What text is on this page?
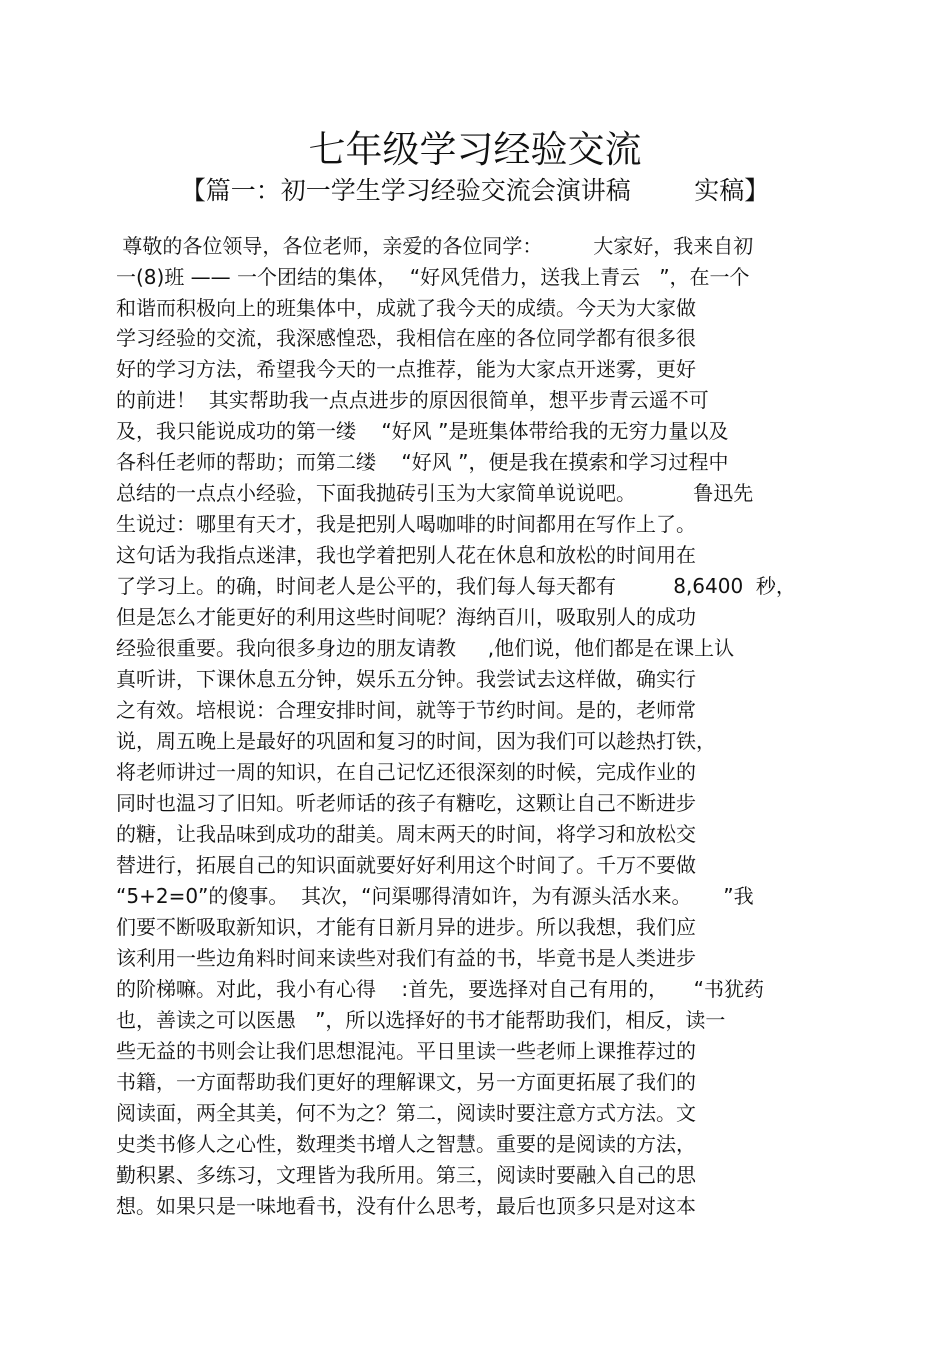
七年级学习经验交流
【篇一：初一学生学习经验交流会演讲稿        实稿】
尊敬的各位领导，各位老师，亲爱的各位同学：        大家好，我来自初
一(8)班 —— 一个团结的集体，  “好风凭借力，送我上青云   ”，在一个
和谐而积极向上的班集体中，成就了我今天的成绩。今天为大家做
学习经验的交流，我深感惶恐，我相信在座的各位同学都有很多很
好的学习方法，希望我今天的一点推荐，能为大家点开迷雾，更好
的前进！  其实帮助我一点点进步的原因很简单，想平步青云遥不可
及，我只能说成功的第一缕    “好风 ”是班集体带给我的无穷力量以及
各科任老师的帮助；而第二缕    “好风 ”，便是我在摸索和学习过程中
总结的一点点小经验，下面我抛砖引玉为大家简单说说吧。         鲁迅先
生说过：哪里有天才，我是把别人喝咖啡的时间都用在写作上了。
这句话为我指点迷津，我也学着把别人花在休息和放松的时间用在
了学习上。的确，时间老人是公平的，我们每人每天都有         8,6400  秒，
但是怎么才能更好的利用这些时间呢？海纳百川，吸取别人的成功
经验很重要。我向很多身边的朋友请教     ,他们说，他们都是在课上认
真听讲，下课休息五分钟，娱乐五分钟。我尝试去这样做，确实行
之有效。培根说：合理安排时间，就等于节约时间。是的，老师常
说，周五晚上是最好的巩固和复习的时间，因为我们可以趁热打铁，
将老师讲过一周的知识，在自己记忆还很深刻的时候，完成作业的
同时也温习了旧知。听老师话的孩子有糖吃，这颗让自己不断进步
的糖，让我品味到成功的甜美。周末两天的时间，将学习和放松交
替进行，拓展自己的知识面就要好好利用这个时间了。千万不要做
“5+2=0”的傻事。  其次，“问渠哪得清如许，为有源头活水来。     ”我
们要不断吸取新知识，才能有日新月异的进步。所以我想，我们应
该利用一些边角料时间来读些对我们有益的书，毕竟书是人类进步
的阶梯嘛。对此，我小有心得    :首先，要选择对自己有用的，    “书犹药
也，善读之可以医愚   ”，所以选择好的书才能帮助我们，相反，读一
些无益的书则会让我们思想混沌。平日里读一些老师上课推荐过的
书籍，一方面帮助我们更好的理解课文，另一方面更拓展了我们的
阅读面，两全其美，何不为之？第二，阅读时要注意方式方法。文
史类书修人之心性，数理类书增人之智慧。重要的是阅读的方法，
勤积累、多练习，文理皆为我所用。第三，阅读时要融入自己的思
想。如果只是一味地看书，没有什么思考，最后也顶多只是对这本
